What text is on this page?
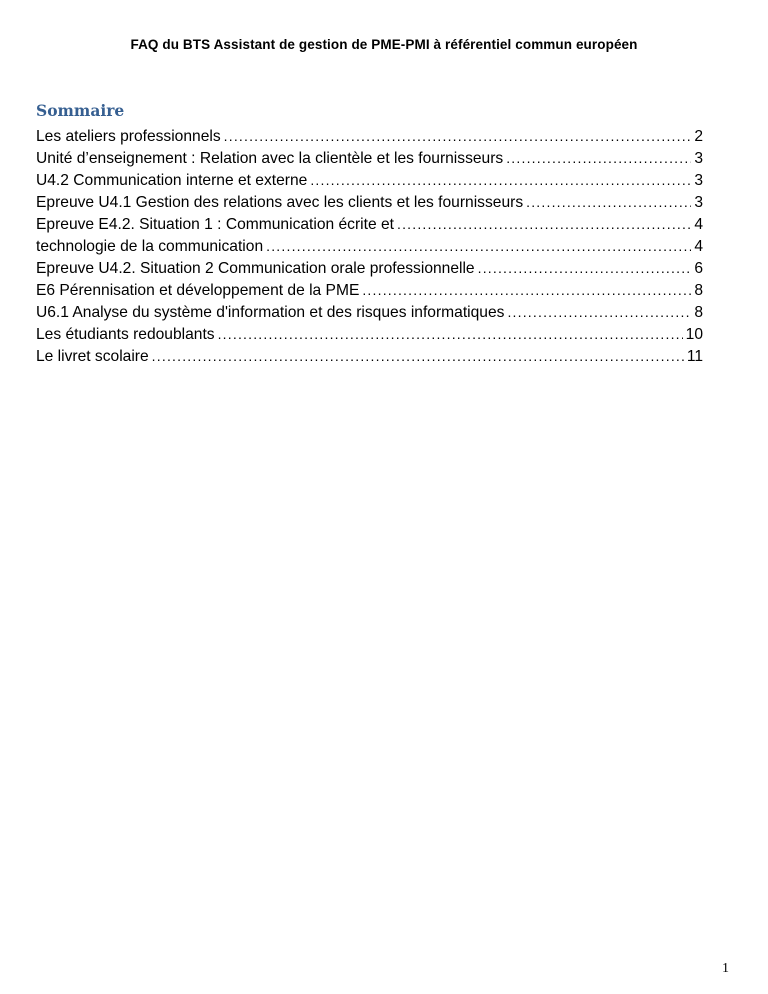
FAQ du BTS Assistant de gestion de PME-PMI à référentiel commun européen
Sommaire
Les ateliers professionnels .....	2
Unité d’enseignement : Relation avec la clientèle et les fournisseurs .....	3
U4.2 Communication interne et externe .....	3
Epreuve U4.1 Gestion des relations avec les clients et les fournisseurs .....	3
Epreuve E4.2. Situation 1 : Communication écrite et .....	4
technologie de la communication .....	4
Epreuve U4.2. Situation 2 Communication orale professionnelle .....	6
E6 Pérennisation et développement de la PME .....	8
U6.1 Analyse du système d'information et des risques informatiques .....	8
Les étudiants redoublants .....	10
Le livret scolaire .....	11
1
